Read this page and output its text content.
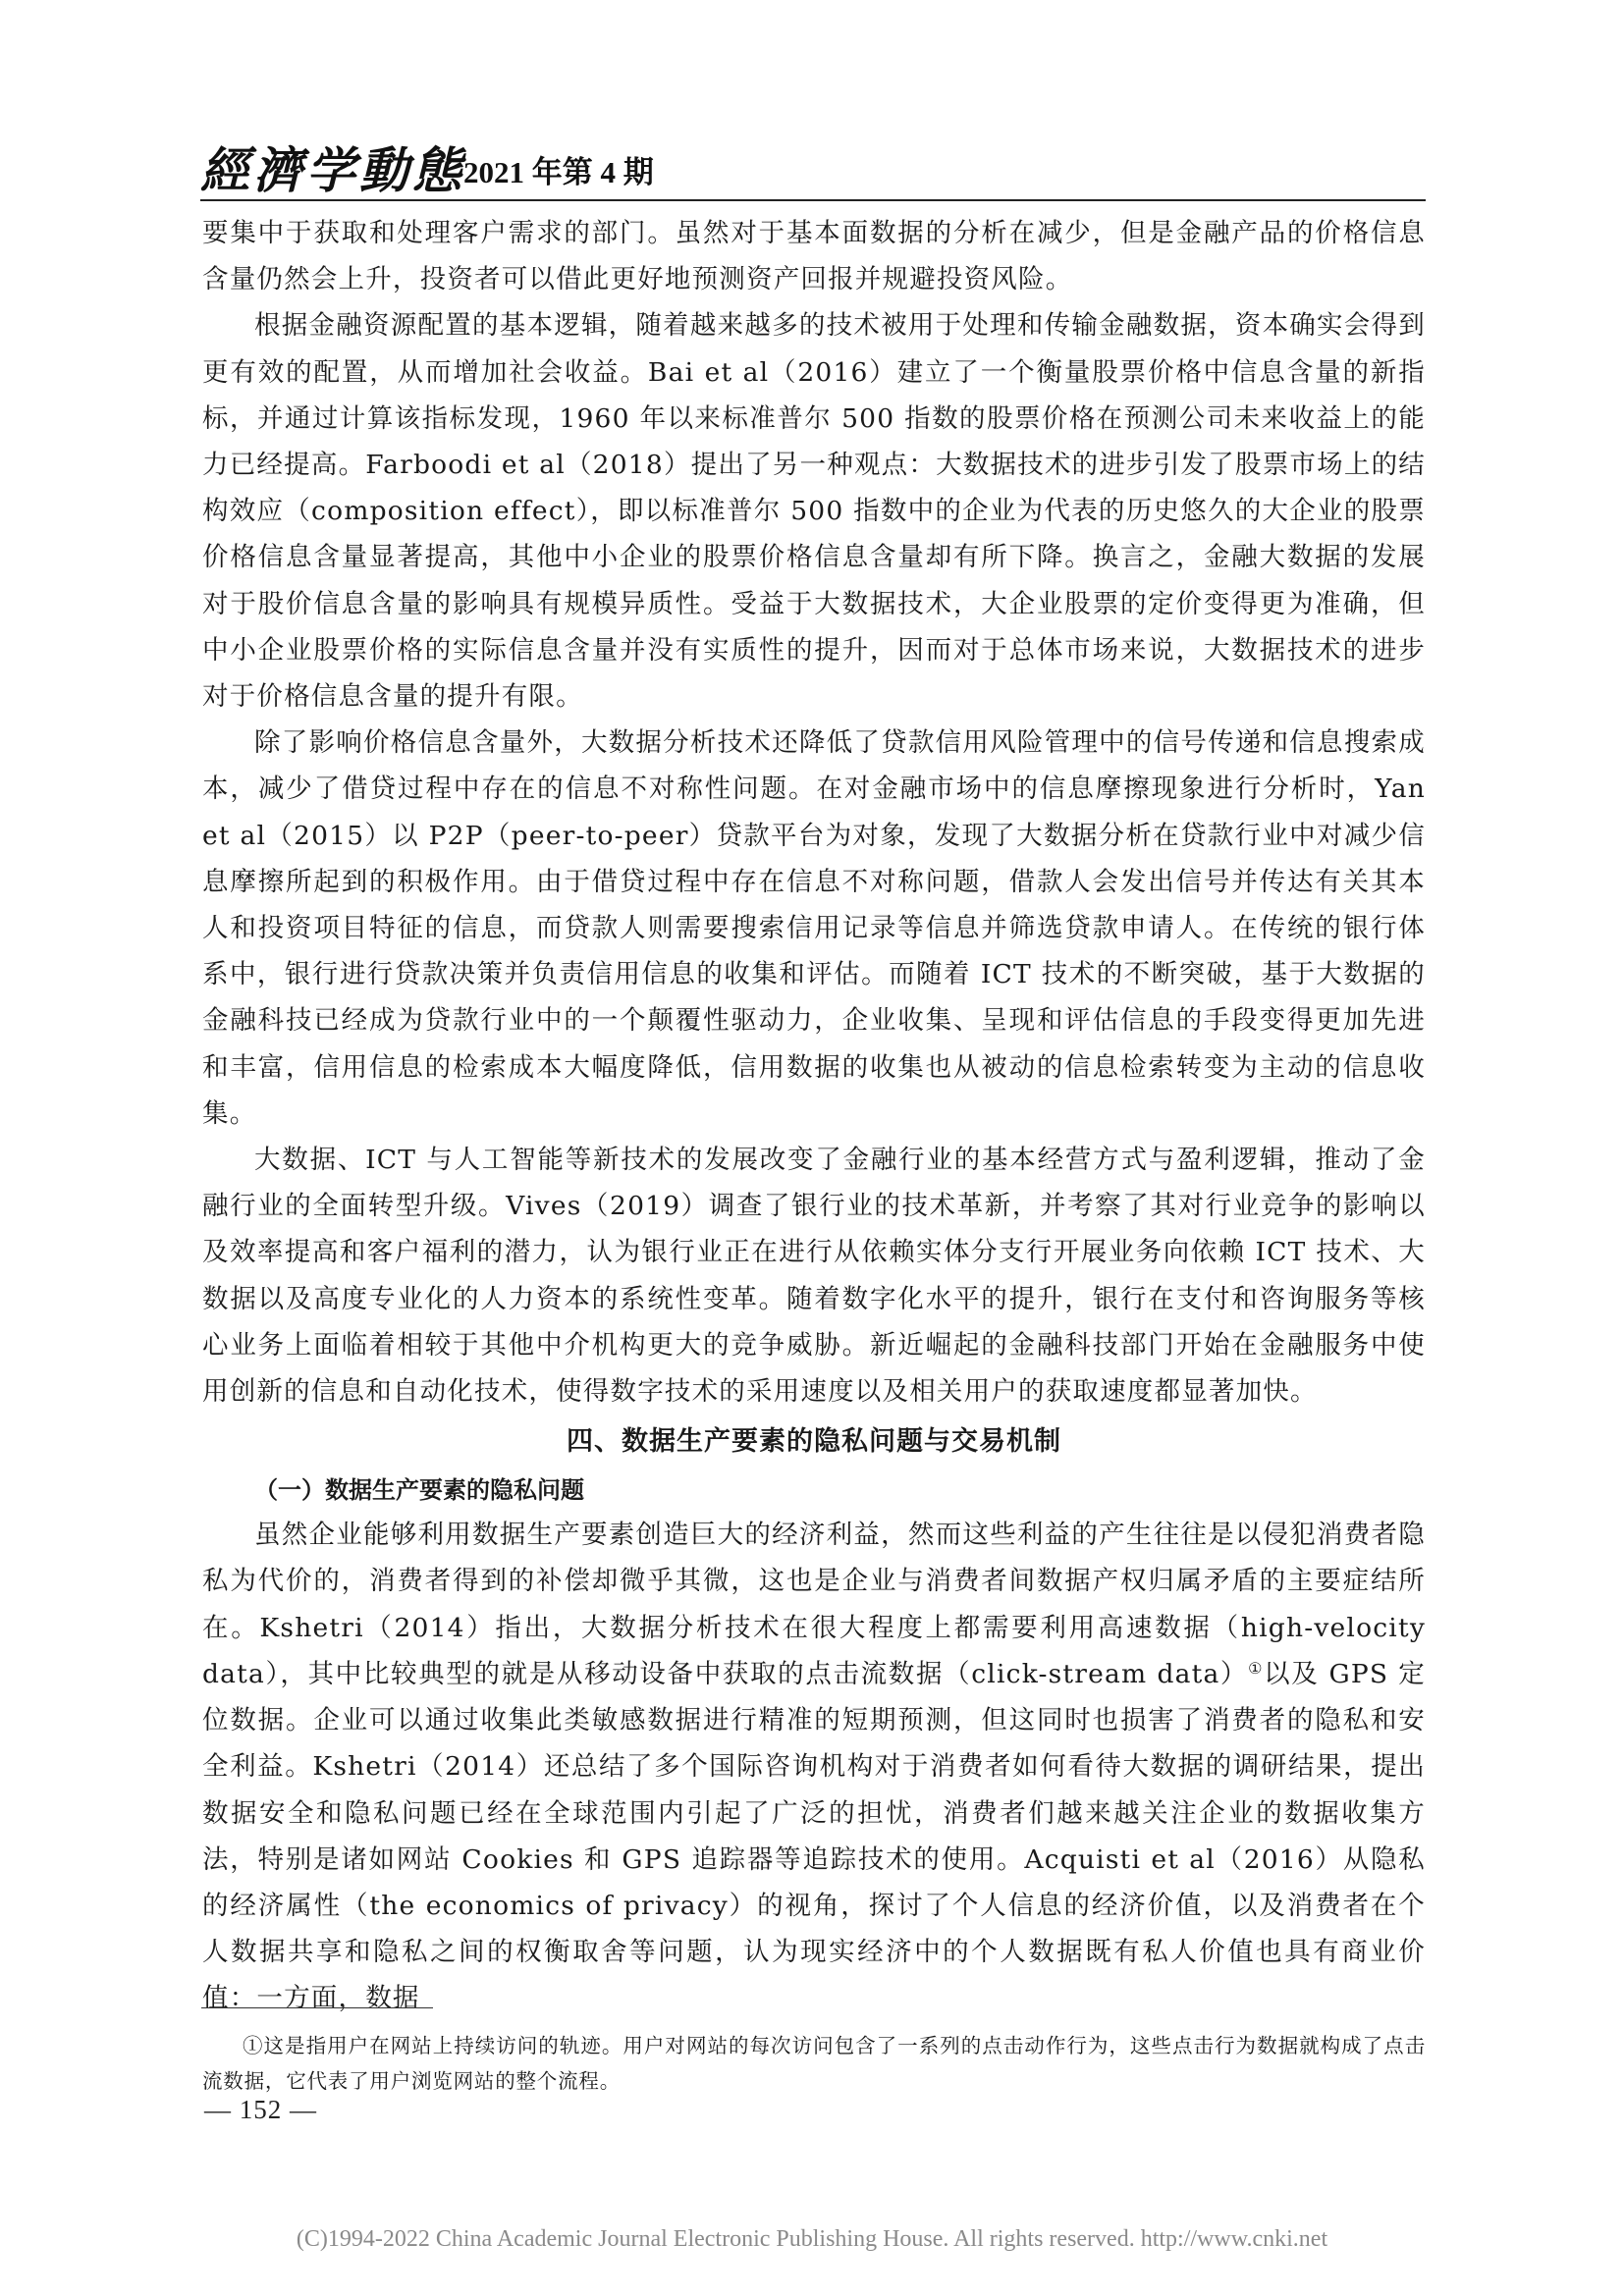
經濟学動態
2021 年第 4 期

要集中于获取和处理客户需求的部门。虽然对于基本面数据的分析在减少，但是金融产品的价格信息含量仍然会上升，投资者可以借此更好地预测资产回报并规避投资风险。

根据金融资源配置的基本逻辑，随着越来越多的技术被用于处理和传输金融数据，资本确实会得到更有效的配置，从而增加社会收益。Bai et al（2016）建立了一个衡量股票价格中信息含量的新指标，并通过计算该指标发现，1960 年以来标准普尔 500 指数的股票价格在预测公司未来收益上的能力已经提高。Farboodi et al（2018）提出了另一种观点：大数据技术的进步引发了股票市场上的结构效应（composition effect），即以标准普尔 500 指数中的企业为代表的历史悠久的大企业的股票价格信息含量显著提高，其他中小企业的股票价格信息含量却有所下降。换言之，金融大数据的发展对于股价信息含量的影响具有规模异质性。受益于大数据技术，大企业股票的定价变得更为准确，但中小企业股票价格的实际信息含量并没有实质性的提升，因而对于总体市场来说，大数据技术的进步对于价格信息含量的提升有限。

除了影响价格信息含量外，大数据分析技术还降低了贷款信用风险管理中的信号传递和信息搜索成本，减少了借贷过程中存在的信息不对称性问题。在对金融市场中的信息摩擦现象进行分析时，Yan et al（2015）以 P2P（peer-to-peer）贷款平台为对象，发现了大数据分析在贷款行业中对减少信息摩擦所起到的积极作用。由于借贷过程中存在信息不对称问题，借款人会发出信号并传达有关其本人和投资项目特征的信息，而贷款人则需要搜索信用记录等信息并筛选贷款申请人。在传统的银行体系中，银行进行贷款决策并负责信用信息的收集和评估。而随着 ICT 技术的不断突破，基于大数据的金融科技已经成为贷款行业中的一个颠覆性驱动力，企业收集、呈现和评估信息的手段变得更加先进和丰富，信用信息的检索成本大幅度降低，信用数据的收集也从被动的信息检索转变为主动的信息收集。

大数据、ICT 与人工智能等新技术的发展改变了金融行业的基本经营方式与盈利逻辑，推动了金融行业的全面转型升级。Vives（2019）调查了银行业的技术革新，并考察了其对行业竞争的影响以及效率提高和客户福利的潜力，认为银行业正在进行从依赖实体分支行开展业务向依赖 ICT 技术、大数据以及高度专业化的人力资本的系统性变革。随着数字化水平的提升，银行在支付和咨询服务等核心业务上面临着相较于其他中介机构更大的竞争威胁。新近崛起的金融科技部门开始在金融服务中使用创新的信息和自动化技术，使得数字技术的采用速度以及相关用户的获取速度都显著加快。

四、数据生产要素的隐私问题与交易机制
（一）数据生产要素的隐私问题

虽然企业能够利用数据生产要素创造巨大的经济利益，然而这些利益的产生往往是以侵犯消费者隐私为代价的，消费者得到的补偿却微乎其微，这也是企业与消费者间数据产权归属矛盾的主要症结所在。Kshetri（2014）指出，大数据分析技术在很大程度上都需要利用高速数据（high-velocity data），其中比较典型的就是从移动设备中获取的点击流数据（click-stream data）①以及 GPS 定位数据。企业可以通过收集此类敏感数据进行精准的短期预测，但这同时也损害了消费者的隐私和安全利益。Kshetri（2014）还总结了多个国际咨询机构对于消费者如何看待大数据的调研结果，提出数据安全和隐私问题已经在全球范围内引起了广泛的担忧，消费者们越来越关注企业的数据收集方法，特别是诸如网站 Cookies 和 GPS 追踪器等追踪技术的使用。Acquisti et al（2016）从隐私的经济属性（the economics of privacy）的视角，探讨了个人信息的经济价值，以及消费者在个人数据共享和隐私之间的权衡取舍等问题，认为现实经济中的个人数据既有私人价值也具有商业价值：一方面，数据

①这是指用户在网站上持续访问的轨迹。用户对网站的每次访问包含了一系列的点击动作行为，这些点击行为数据就构成了点击流数据，它代表了用户浏览网站的整个流程。

— 152 —
(C)1994-2022 China Academic Journal Electronic Publishing House. All rights reserved. http://www.cnki.net
